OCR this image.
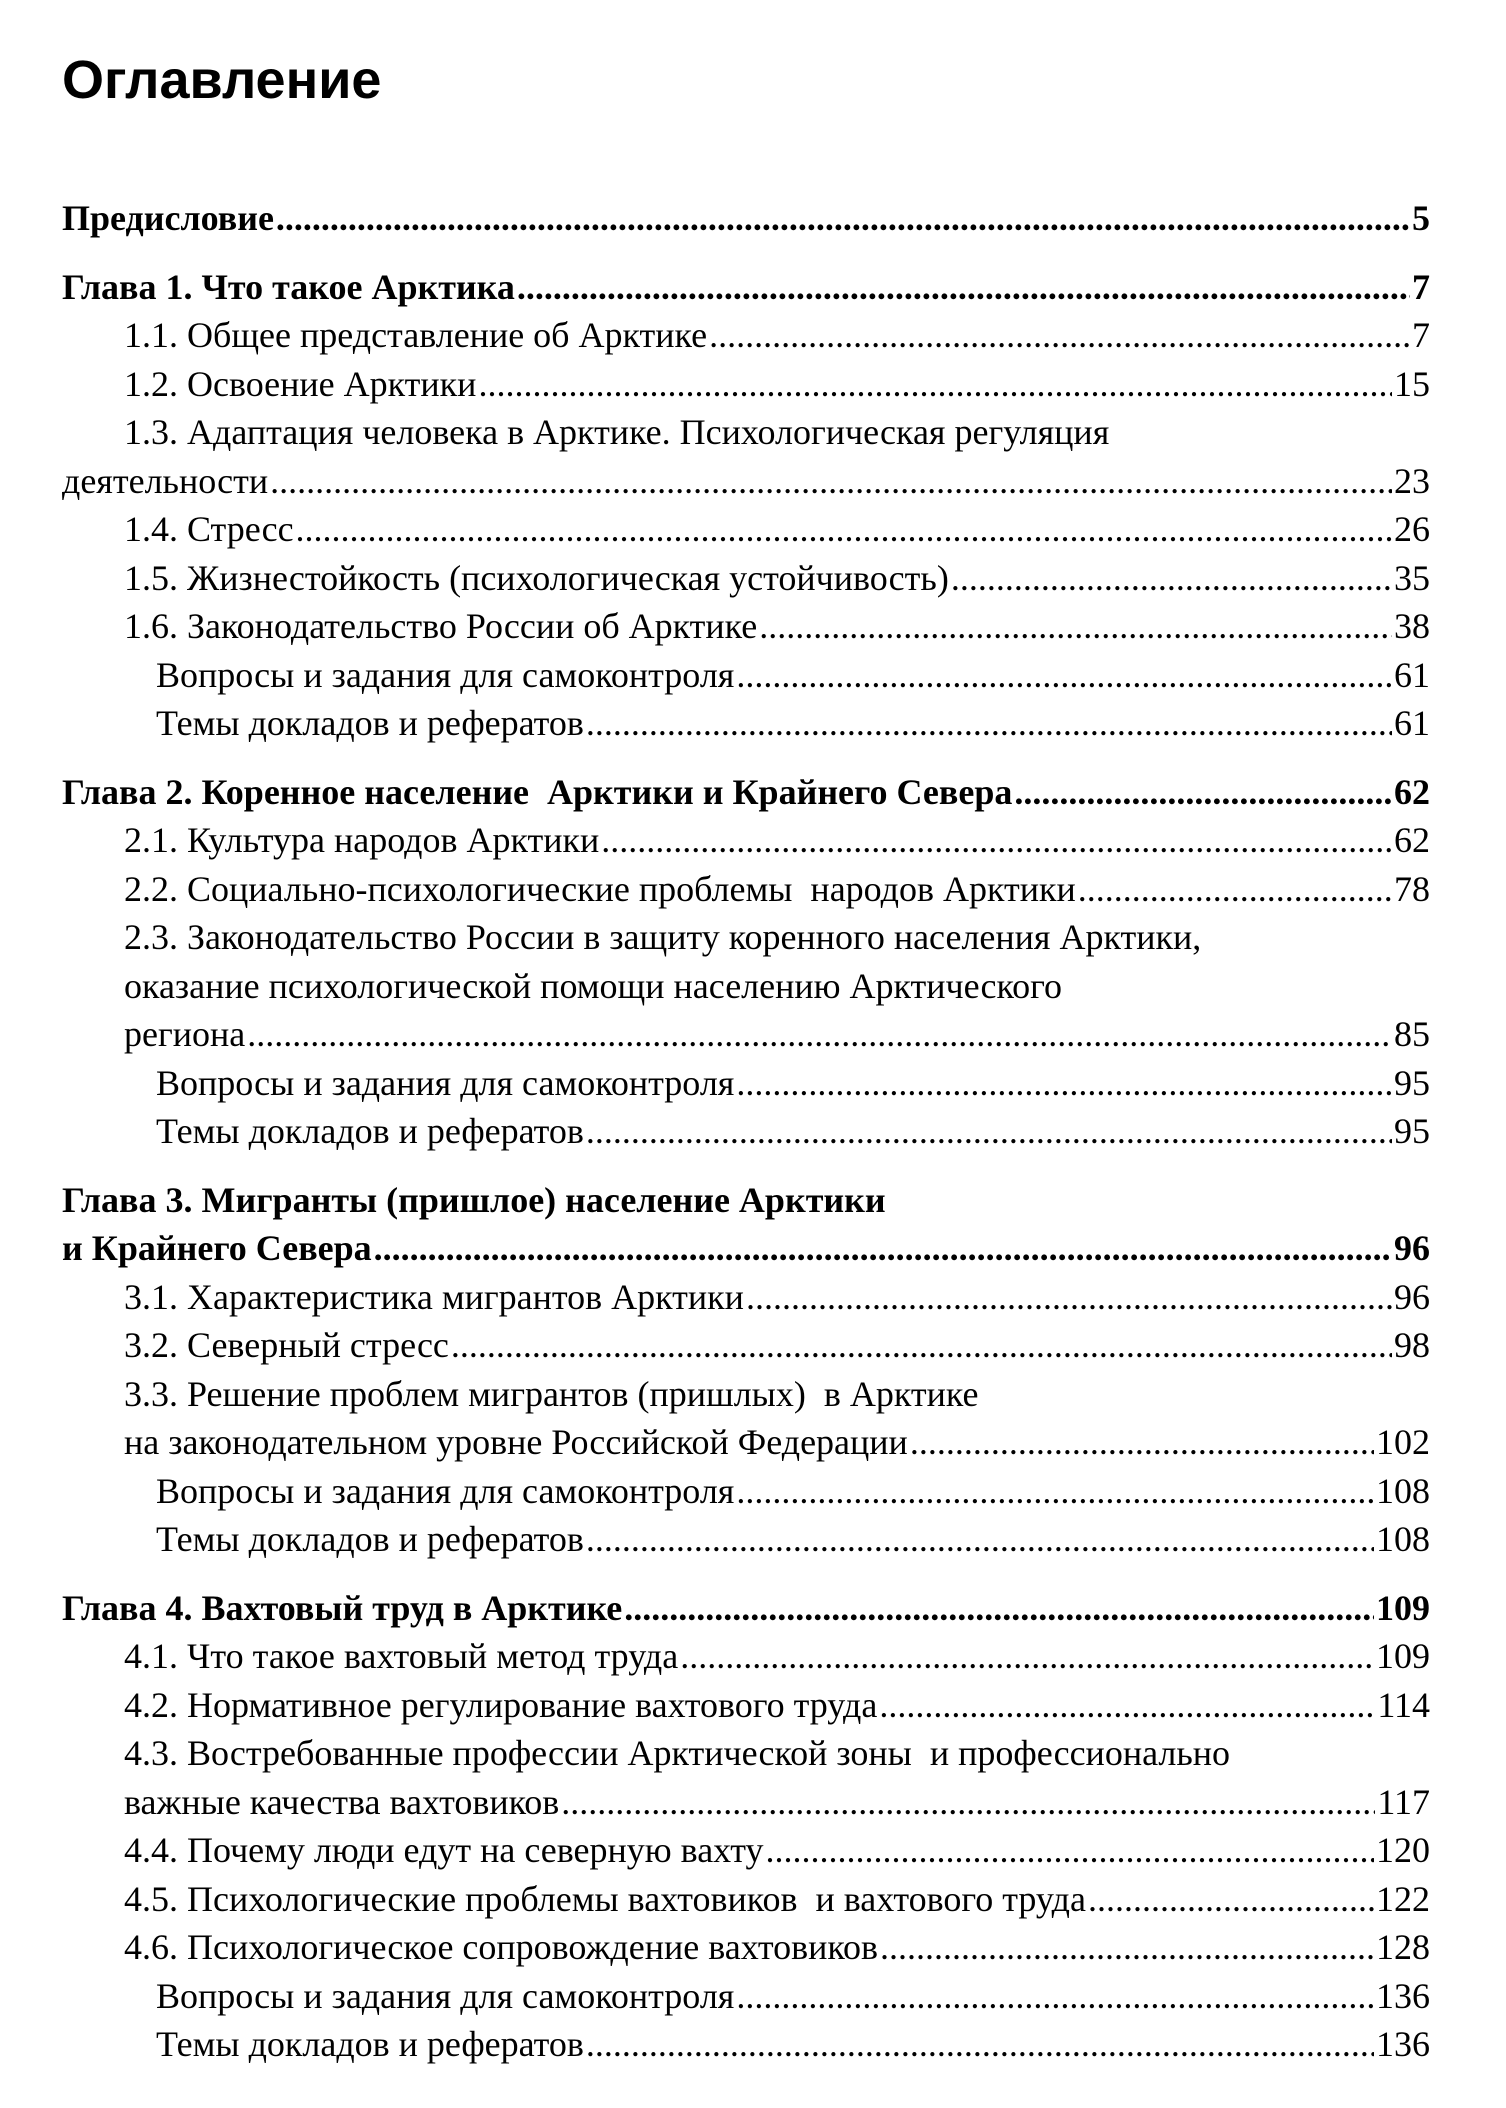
Оглавление
Предисловие .....	5
Глава 1. Что такое Арктика .....	7
1.1. Общее представление об Арктике .....	7
1.2. Освоение Арктики .....	15
1.3. Адаптация человека в Арктике. Психологическая регуляция
деятельности .....	23
1.4. Стресс .....	26
1.5. Жизнестойкость (психологическая устойчивость) .....	35
1.6. Законодательство России об Арктике .....	38
Вопросы и задания для самоконтроля .....	61
Темы докладов и рефератов .....	61
Глава 2. Коренное население  Арктики и Крайнего Севера .....	62
2.1. Культура народов Арктики .....	62
2.2. Социально-психологические проблемы  народов Арктики .....	78
2.3. Законодательство России в защиту коренного населения Арктики,
оказание психологической помощи населению Арктического
региона .....	85
Вопросы и задания для самоконтроля .....	95
Темы докладов и рефератов .....	95
Глава 3. Мигранты (пришлое) население Арктики
и Крайнего Севера .....	96
3.1. Характеристика мигрантов Арктики .....	96
3.2. Северный стресс .....	98
3.3. Решение проблем мигрантов (пришлых)  в Арктике
на законодательном уровне Российской Федерации .....	102
Вопросы и задания для самоконтроля .....	108
Темы докладов и рефератов .....	108
Глава 4. Вахтовый труд в Арктике .....	109
4.1. Что такое вахтовый метод труда .....	109
4.2. Нормативное регулирование вахтового труда .....	114
4.3. Востребованные профессии Арктической зоны  и профессионально
важные качества вахтовиков .....	117
4.4. Почему люди едут на северную вахту .....	120
4.5. Психологические проблемы вахтовиков  и вахтового труда .....	122
4.6. Психологическое сопровождение вахтовиков .....	128
Вопросы и задания для самоконтроля .....	136
Темы докладов и рефератов .....	136
